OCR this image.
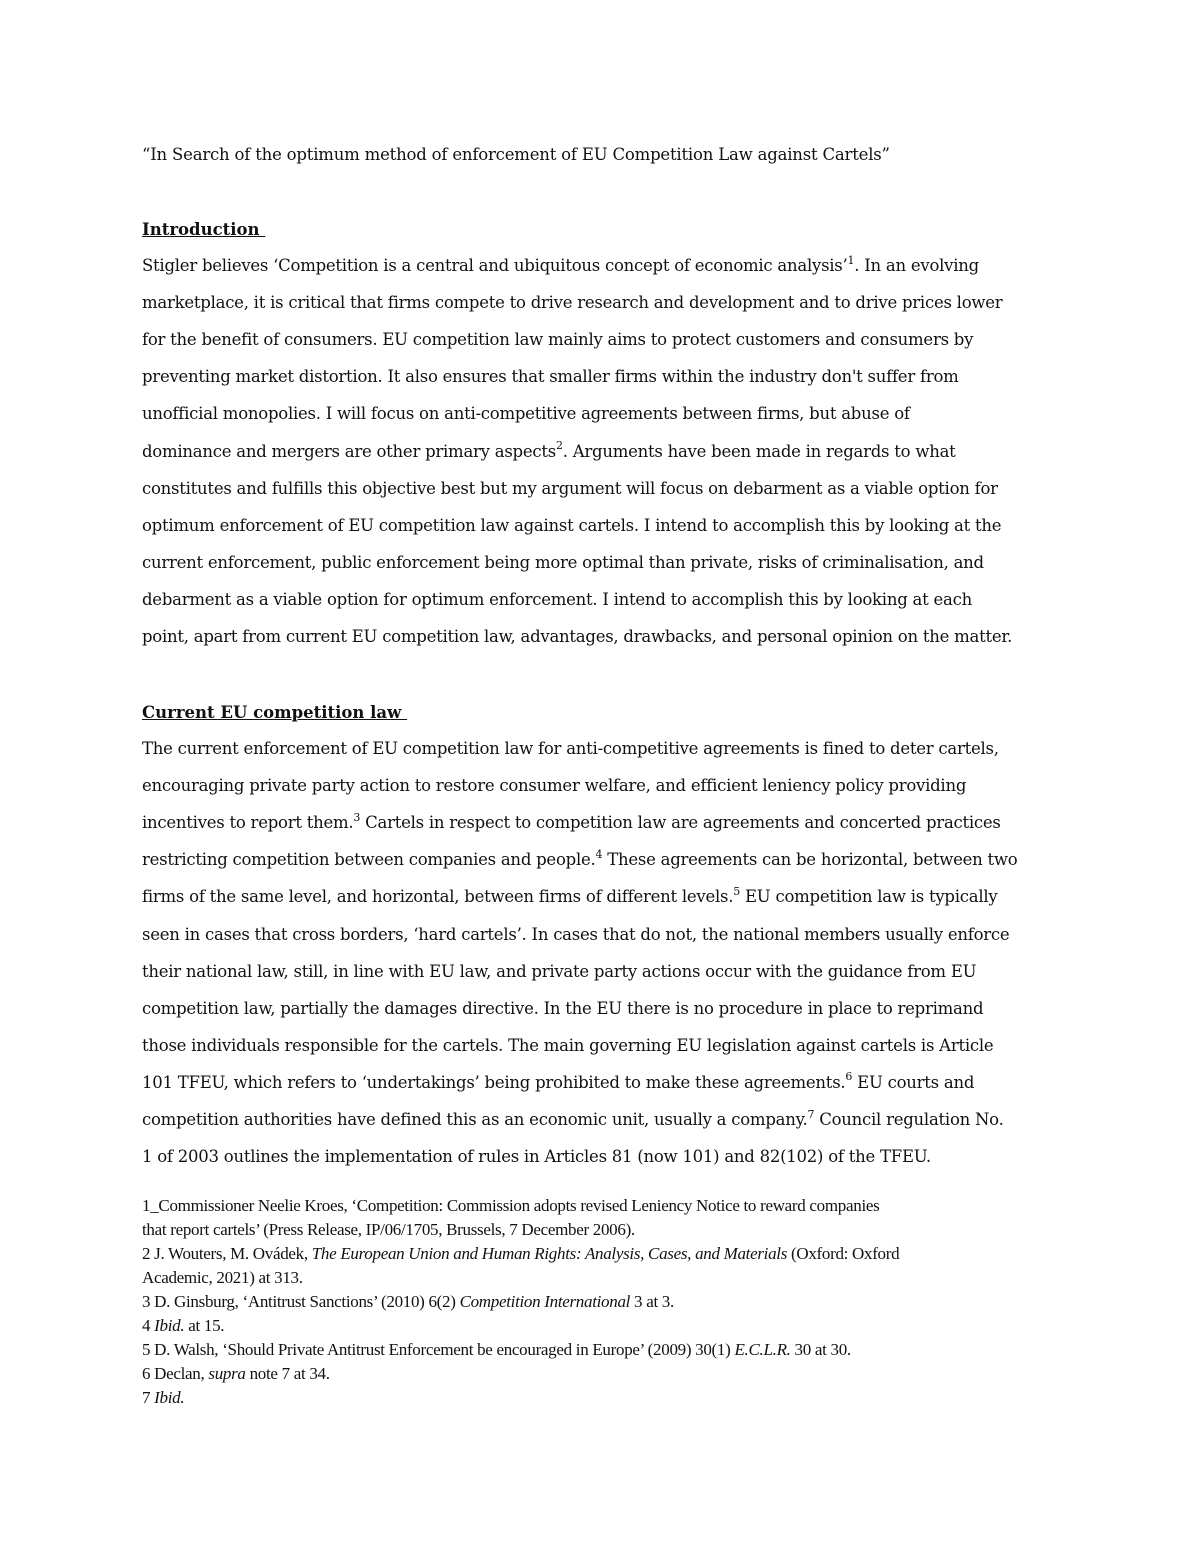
“In Search of the optimum method of enforcement of EU Competition Law against Cartels”

Introduction

Stigler believes ‘Competition is a central and ubiquitous concept of economic analysis’$^1$. In an evolving

marketplace, it is critical that firms compete to drive research and development and to drive prices lower

for the benefit of consumers. EU competition law mainly aims to protect customers and consumers by

preventing market distortion. It also ensures that smaller firms within the industry don't suffer from

unofficial monopolies. I will focus on anti-competitive agreements between firms, but abuse of

dominance and mergers are other primary aspects$^2$. Arguments have been made in regards to what

constitutes and fulfills this objective best but my argument will focus on debarment as a viable option for

optimum enforcement of EU competition law against cartels. I intend to accomplish this by looking at the

current enforcement, public enforcement being more optimal than private, risks of criminalisation, and

debarment as a viable option for optimum enforcement. I intend to accomplish this by looking at each

point, apart from current EU competition law, advantages, drawbacks, and personal opinion on the matter.

Current EU competition law

The current enforcement of EU competition law for anti-competitive agreements is fined to deter cartels,

encouraging private party action to restore consumer welfare, and efficient leniency policy providing

incentives to report them.$^3$ Cartels in respect to competition law are agreements and concerted practices

restricting competition between companies and people.$^4$ These agreements can be horizontal, between two

firms of the same level, and horizontal, between firms of different levels.$^5$ EU competition law is typically

seen in cases that cross borders, ‘hard cartels’. In cases that do not, the national members usually enforce

their national law, still, in line with EU law, and private party actions occur with the guidance from EU

competition law, partially the damages directive. In the EU there is no procedure in place to reprimand

those individuals responsible for the cartels. The main governing EU legislation against cartels is Article

101 TFEU, which refers to ‘undertakings’ being prohibited to make these agreements.$^6$ EU courts and

competition authorities have defined this as an economic unit, usually a company.$^7$ Council regulation No.

1 of 2003 outlines the implementation of rules in Articles 81 (now 101) and 82(102) of the TFEU.

1_Commissioner Neelie Kroes, ‘Competition: Commission adopts revised Leniency Notice to reward companies
that report cartels’ (Press Release, IP/06/1705, Brussels, 7 December 2006).
2 J. Wouters, M. Ovádek, The European Union and Human Rights: Analysis, Cases, and Materials (Oxford: Oxford
Academic, 2021) at 313.
3 D. Ginsburg, ‘Antitrust Sanctions’ (2010) 6(2) Competition International 3 at 3.
4 Ibid. at 15.
5 D. Walsh, ‘Should Private Antitrust Enforcement be encouraged in Europe’ (2009) 30(1) E.C.L.R. 30 at 30.
6 Declan, supra note 7 at 34.
7 Ibid.
